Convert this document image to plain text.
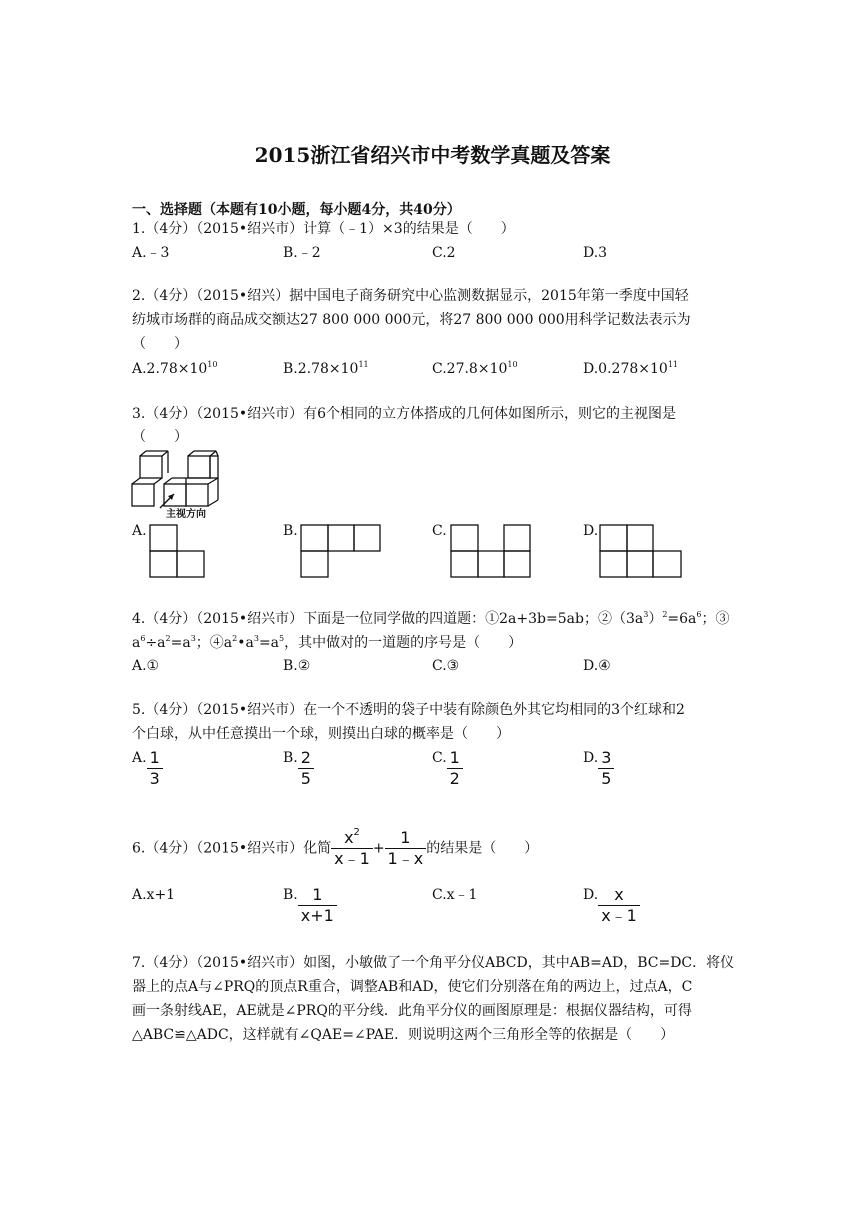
2015浙江省绍兴市中考数学真题及答案
一、选择题（本题有10小题，每小题4分，共40分）
1.（4分）（2015•绍兴市）计算（﹣1）×3的结果是（　　）
A.﹣3	B.﹣2	C.2	D.3
2.（4分）（2015•绍兴）据中国电子商务研究中心监测数据显示，2015年第一季度中国轻
纺城市场群的商品成交额达27 800 000 000元，将27 800 000 000用科学记数法表示为
（　　）
$A.2.78\times 10^{10}$	$B.2.78\times 10^{11}$	$C.27.8\times 10^{10}$	$D.0.278\times 10^{11}$
3.（4分）（2015•绍兴市）有6个相同的立方体搭成的几何体如图所示，则它的主视图是
（　　）
主视方向
A.	B.	C.	D.
4.（4分）（2015•绍兴市）下面是一位同学做的四道题：①2a+3b=5ab；$②(3a^3)^2=6a^6$；③
$a^6\div a^2=a^3$；$④a^2•a^3=a^5$，其中做对的一道题的序号是（　　）
A.①	B.②	C.③	D.④
5.（4分）（2015•绍兴市）在一个不透明的袋子中装有除颜色外其它均相同的3个红球和2
个白球，从中任意摸出一个球，则摸出白球的概率是（　　）
A. $\frac{1}{3}$	B. $\frac{2}{5}$	C. $\frac{1}{2}$	D. $\frac{3}{5}$
6.（4分）（2015•绍兴市）化简 $\frac{x^2}{x﹣1} + \frac{1}{1﹣x}$ 的结果是（　　）
A.x+1	B. $\frac{1}{x+1}$	C.x﹣1	D. $\frac{x}{x﹣1}$
7.（4分）（2015•绍兴市）如图，小敏做了一个角平分仪ABCD，其中AB=AD，BC=DC．将仪
器上的点A与∠PRQ的顶点R重合，调整AB和AD，使它们分别落在角的两边上，过点A，C
画一条射线AE，AE就是∠PRQ的平分线．此角平分仪的画图原理是：根据仪器结构，可得
△ABC≌△ADC，这样就有∠QAE=∠PAE．则说明这两个三角形全等的依据是（　　）
